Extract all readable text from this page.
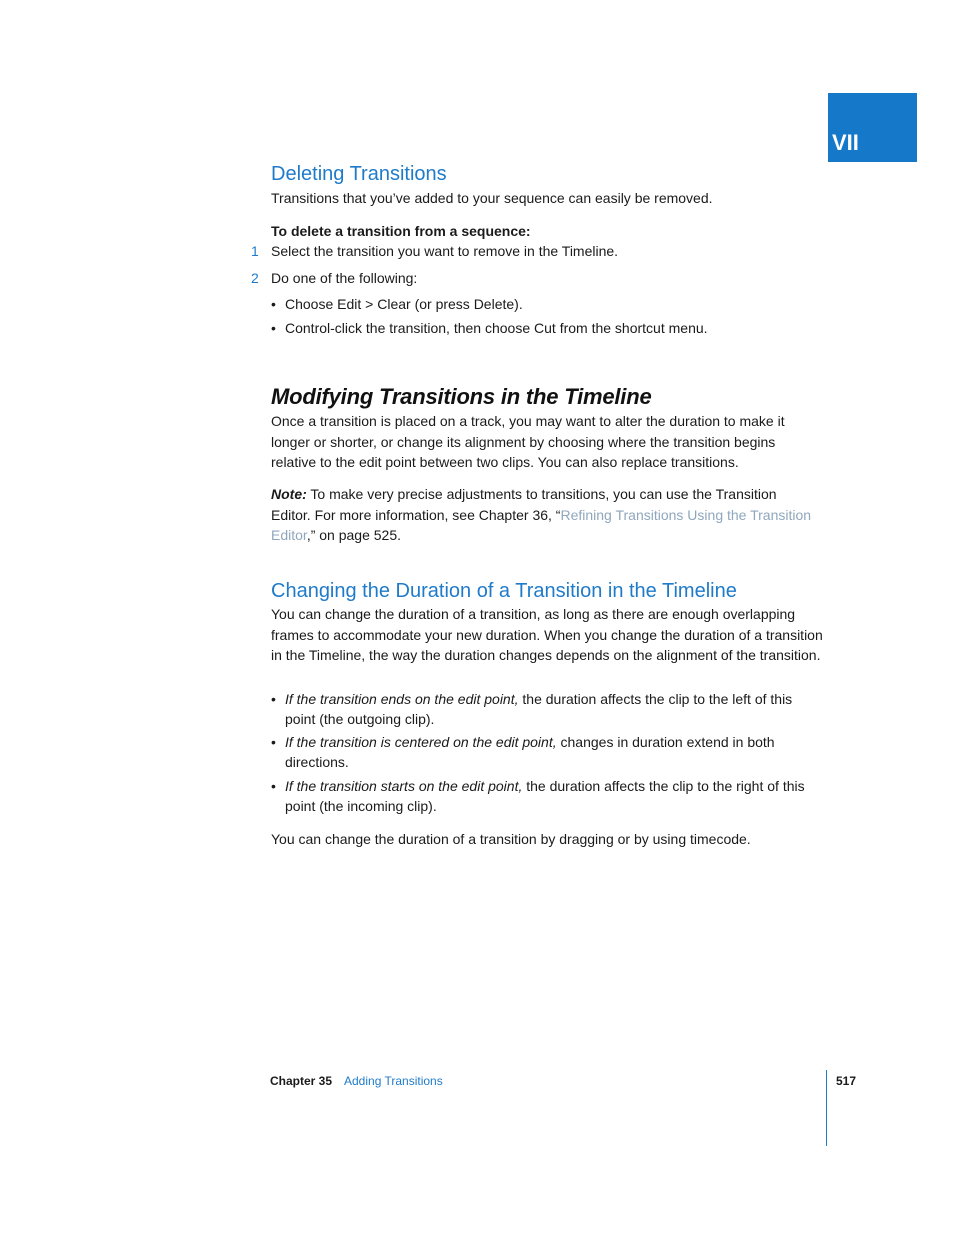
VII
Deleting Transitions
Transitions that you’ve added to your sequence can easily be removed.
To delete a transition from a sequence:
1 Select the transition you want to remove in the Timeline.
2 Do one of the following:
• Choose Edit > Clear (or press Delete).
• Control-click the transition, then choose Cut from the shortcut menu.
Modifying Transitions in the Timeline
Once a transition is placed on a track, you may want to alter the duration to make it longer or shorter, or change its alignment by choosing where the transition begins relative to the edit point between two clips. You can also replace transitions.
Note: To make very precise adjustments to transitions, you can use the Transition Editor. For more information, see Chapter 36, “Refining Transitions Using the Transition Editor,” on page 525.
Changing the Duration of a Transition in the Timeline
You can change the duration of a transition, as long as there are enough overlapping frames to accommodate your new duration. When you change the duration of a transition in the Timeline, the way the duration changes depends on the alignment of the transition.
• If the transition ends on the edit point, the duration affects the clip to the left of this point (the outgoing clip).
• If the transition is centered on the edit point, changes in duration extend in both directions.
• If the transition starts on the edit point, the duration affects the clip to the right of this point (the incoming clip).
You can change the duration of a transition by dragging or by using timecode.
Chapter 35 Adding Transitions	517
